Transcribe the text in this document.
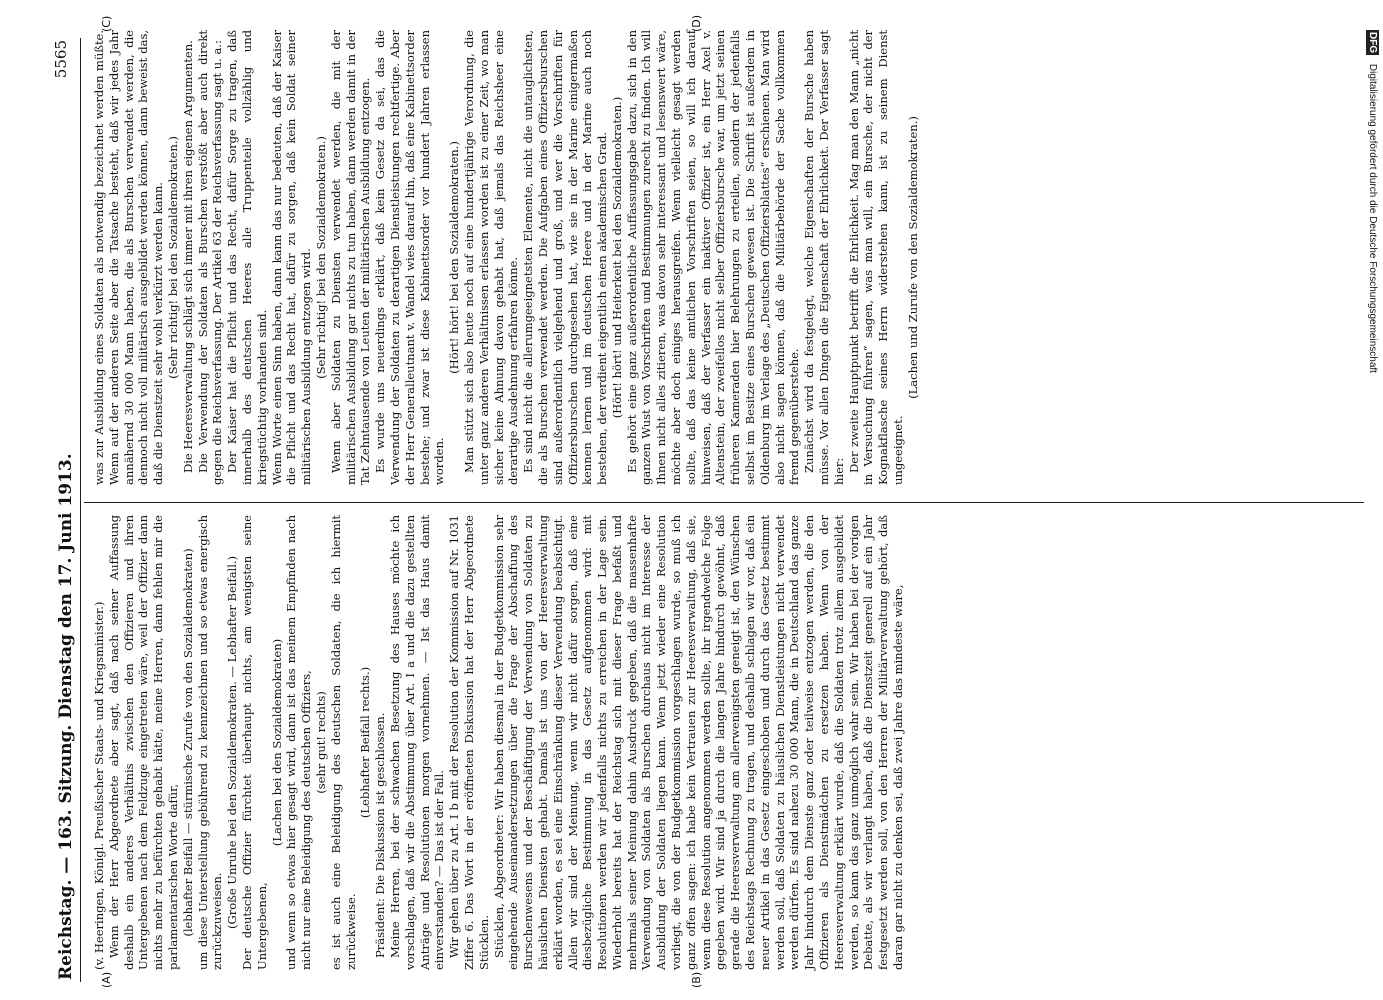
Reichstag. — 163. Sitzung. Dienstag den 17. Juni 1913.
5565
(A)	(B)
(C)	(D)

(v. Heeringen, Königl. Preußischer Staats- und Kriegsminister.) Wenn der Herr Abgeordnete aber sagt, daß nach seiner Auffassung deshalb ein anderes Verhältnis zwischen den Offizieren und ihren Untergebenen nach dem Feldzuge eingetreten wäre, weil der Offizier dann nichts mehr zu befürchten gehabt hätte, meine Herren, dann fehlen mir die parlamentarischen Worte dafür, (lebhafter Beifall — stürmische Zurufe von den Sozialdemokraten) um diese Unterstellung gebührend zu kennzeichnen und so etwas energisch zurückzuweisen. (Große Unruhe bei den Sozialdemokraten. — Lebhafter Beifall.) Der deutsche Offizier fürchtet überhaupt nichts, am wenigsten seine Untergebenen,

(Lachen bei den Sozialdemokraten) und wenn so etwas hier gesagt wird, dann ist das meinem Empfinden nach nicht nur eine Beleidigung des deutschen Offiziers, (sehr gut! rechts) es ist auch eine Beleidigung des deutschen Soldaten, die ich hiermit zurückweise.

(Lebhafter Beifall rechts.) Präsident: Die Diskussion ist geschlossen. Meine Herren, bei der schwachen Besetzung des Hauses möchte ich vorschlagen, daß wir die Abstimmung über Art. I a und die dazu gestellten Anträge und Resolutionen morgen vornehmen. — Ist das Haus damit einverstanden? — Das ist der Fall. Wir gehen über zu Art. I b mit der Resolution der Kommission auf Nr. 1031 Ziffer 6. Das Wort in der eröffneten Diskussion hat der Herr Abgeordnete Stücklen. Stücklen, Abgeordneter: Wir haben diesmal in der Budgetkommission sehr eingehende Auseinandersetzungen über die Frage der Abschaffung des Burschenwesens und der Beschäftigung der Verwendung von Soldaten zu häuslichen Diensten gehabt. Damals ist uns von der Heeresverwaltung erklärt worden, es sei eine Einschränkung dieser Verwendung beabsichtigt. Allein wir sind der Meinung, wenn wir nicht dafür sorgen, daß eine diesbezügliche Bestimmung in das Gesetz aufgenommen wird: mit Resolutionen werden wir jedenfalls nichts zu erreichen in der Lage sein. Wiederholt bereits hat der Reichstag sich mit dieser Frage befaßt und mehrmals seiner Meinung dahin Ausdruck gegeben, daß die massenhafte Verwendung von Soldaten als Burschen durchaus nicht im Interesse der Ausbildung der Soldaten liegen kann. Wenn jetzt wieder eine Resolution vorliegt, die von der Budgetkommission vorgeschlagen wurde, so muß ich ganz offen sagen: ich habe kein Vertrauen zur Heeresverwaltung, daß sie, wenn diese Resolution angenommen werden sollte, ihr irgendwelche Folge gegeben wird. Wir sind ja durch die langen Jahre hindurch gewöhnt, daß gerade die Heeresverwaltung am allerwenigsten geneigt ist, den Wünschen des Reichstags Rechnung zu tragen, und deshalb schlagen wir vor, daß ein neuer Artikel in das Gesetz eingeschoben und durch das Gesetz bestimmt werden soll, daß Soldaten zu häuslichen Dienstleistungen nicht verwendet werden dürfen. Es sind nahezu 30 000 Mann, die in Deutschland das ganze Jahr hindurch dem Dienste ganz oder teilweise entzogen werden, die den Offizieren als Dienstmädchen zu ersetzen haben. Wenn von der Heeresverwaltung erklärt wurde, daß die Soldaten trotz allem ausgebildet werden, so kann das ganz unmöglich wahr sein. Wir haben bei der vorigen Debatte, als wir verlangt haben, daß die Dienstzeit generell auf ein Jahr festgesetzt werden soll, von den Herren der Militärverwaltung gehört, daß daran gar nicht zu denken sei, daß zwei Jahre das mindeste wäre,

was zur Ausbildung eines Soldaten als notwendig bezeichnet werden müßte. Wenn auf der anderen Seite aber die Tatsache besteht, daß wir jedes Jahr annähernd 30 000 Mann haben, die als Burschen verwendet werden, die dennoch nicht voll militärisch ausgebildet werden können, dann beweist das, daß die Dienstzeit sehr wohl verkürzt werden kann. (Sehr richtig! bei den Sozialdemokraten.) Die Heeresverwaltung schlägt sich immer mit ihren eigenen Argumenten. Die Verwendung der Soldaten als Burschen verstößt aber auch direkt gegen die Reichsverfassung. Der Artikel 63 der Reichsverfassung sagt u. a.: Der Kaiser hat die Pflicht und das Recht, dafür Sorge zu tragen, daß innerhalb des deutschen Heeres alle Truppenteile vollzählig und kriegstüchtig vorhanden sind. Wenn Worte einen Sinn haben, dann kann das nur bedeuten, daß der Kaiser die Pflicht und das Recht hat, dafür zu sorgen, daß kein Soldat seiner militärischen Ausbildung entzogen wird. (Sehr richtig! bei den Sozialdemokraten.) Wenn aber Soldaten zu Diensten verwendet werden, die mit der militärischen Ausbildung gar nichts zu tun haben, dann werden damit in der Tat Zehntausende von Leuten der militärischen Ausbildung entzogen. Es wurde uns neuerdings erklärt, daß kein Gesetz da sei, das die Verwendung der Soldaten zu derartigen Dienstleistungen rechtfertige. Aber der Herr Generalleutnant v. Wandel wies darauf hin, daß eine Kabinettsorder bestehe; und zwar ist diese Kabinettsorder vor hundert Jahren erlassen worden.

(Hört! hört! bei den Sozialdemokraten.) Man stützt sich also heute noch auf eine hundertjährige Verordnung, die unter ganz anderen Verhältnissen erlassen worden ist zu einer Zeit, wo man sicher keine Ahnung davon gehabt hat, daß jemals das Reichsheer eine derartige Ausdehnung erfahren könne. Es sind nicht die allerumgeeignetsten Elemente, nicht die untauglichsten, die als Burschen verwendet werden. Die Aufgaben eines Offiziersburschen sind außerordentlich vielgehend und groß, und wer die Vorschriften für Offiziersburschen durchgesehen hat, wie sie in der Marine einigermaßen kennen lernen und im deutschen Heere und in der Marine auch noch bestehen, der verdient eigentlich einen akademischen Grad. (Hört! hört! und Heiterkeit bei den Sozialdemokraten.) Es gehört eine ganz außerordentliche Auffassungsgabe dazu, sich in den ganzen Wust von Vorschriften und Bestimmungen zurecht zu finden. Ich will Ihnen nicht alles zitieren, was davon sehr interessant und lesenswert wäre, möchte aber doch einiges herausgreifen. Wenn vielleicht gesagt werden sollte, daß das keine amtlichen Vorschriften seien, so will ich darauf hinweisen, daß der Verfasser ein inaktiver Offizier ist, ein Herr Axel v. Altenstein, der zweifellos nicht selber Offiziersbursche war, um jetzt seinen früheren Kameraden hier Belehrungen zu erteilen, sondern der jedenfalls selbst im Besitze eines Burschen gewesen ist. Die Schrift ist außerdem in Oldenburg im Verlage des „Deutschen Offiziersblattes“ erschienen. Man wird also nicht sagen können, daß die Militärbehörde der Sache vollkommen fremd gegenüberstehe. Zunächst wird da festgelegt, welche Eigenschaften der Bursche haben müsse. Vor allen Dingen die Eigenschaft der Ehrlichkeit. Der Verfasser sagt hier: Der zweite Hauptpunkt betrifft die Ehrlichkeit. Mag man den Mann „nicht in Versuchung führen“ sagen, was man will, ein Bursche, der nicht der Kognakflasche seines Herrn widerstehen kann, ist zu seinem Dienst ungeeignet.

(Lachen und Zurufe von den Sozialdemokraten.)

DFG Digitalisierung gefördert durch die Deutsche Forschungsgemeinschaft
